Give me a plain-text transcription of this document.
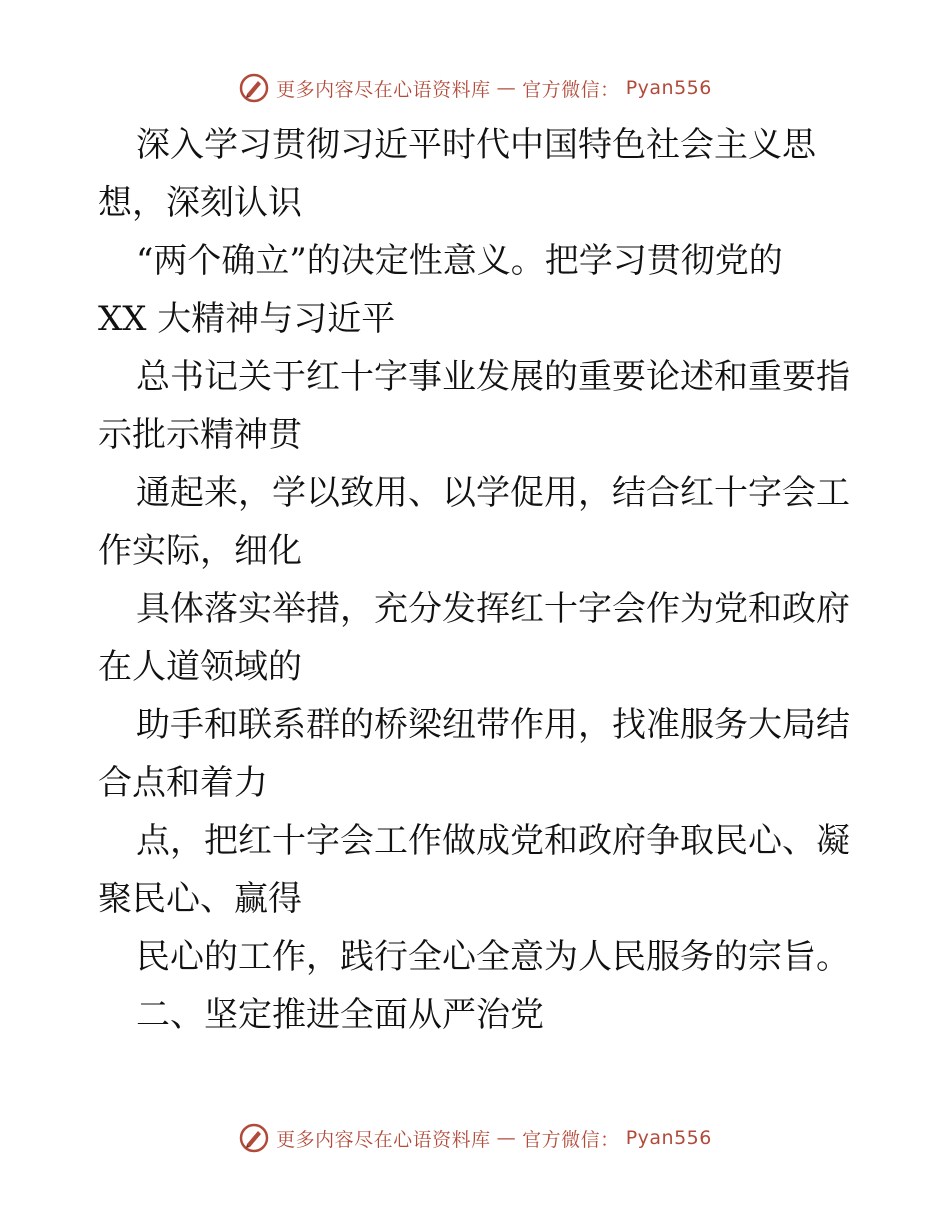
更多内容尽在心语资料库 — 官方微信： Pyan556
深入学习贯彻习近平时代中国特色社会主义思
想，深刻认识
“两个确立”的决定性意义。把学习贯彻党的
XX 大精神与习近平
总书记关于红十字事业发展的重要论述和重要指
示批示精神贯
通起来，学以致用、以学促用，结合红十字会工
作实际，细化
具体落实举措，充分发挥红十字会作为党和政府
在人道领域的
助手和联系群的桥梁纽带作用，找准服务大局结
合点和着力
点，把红十字会工作做成党和政府争取民心、凝
聚民心、赢得
民心的工作，践行全心全意为人民服务的宗旨。
二、坚定推进全面从严治党
更多内容尽在心语资料库 — 官方微信： Pyan556
